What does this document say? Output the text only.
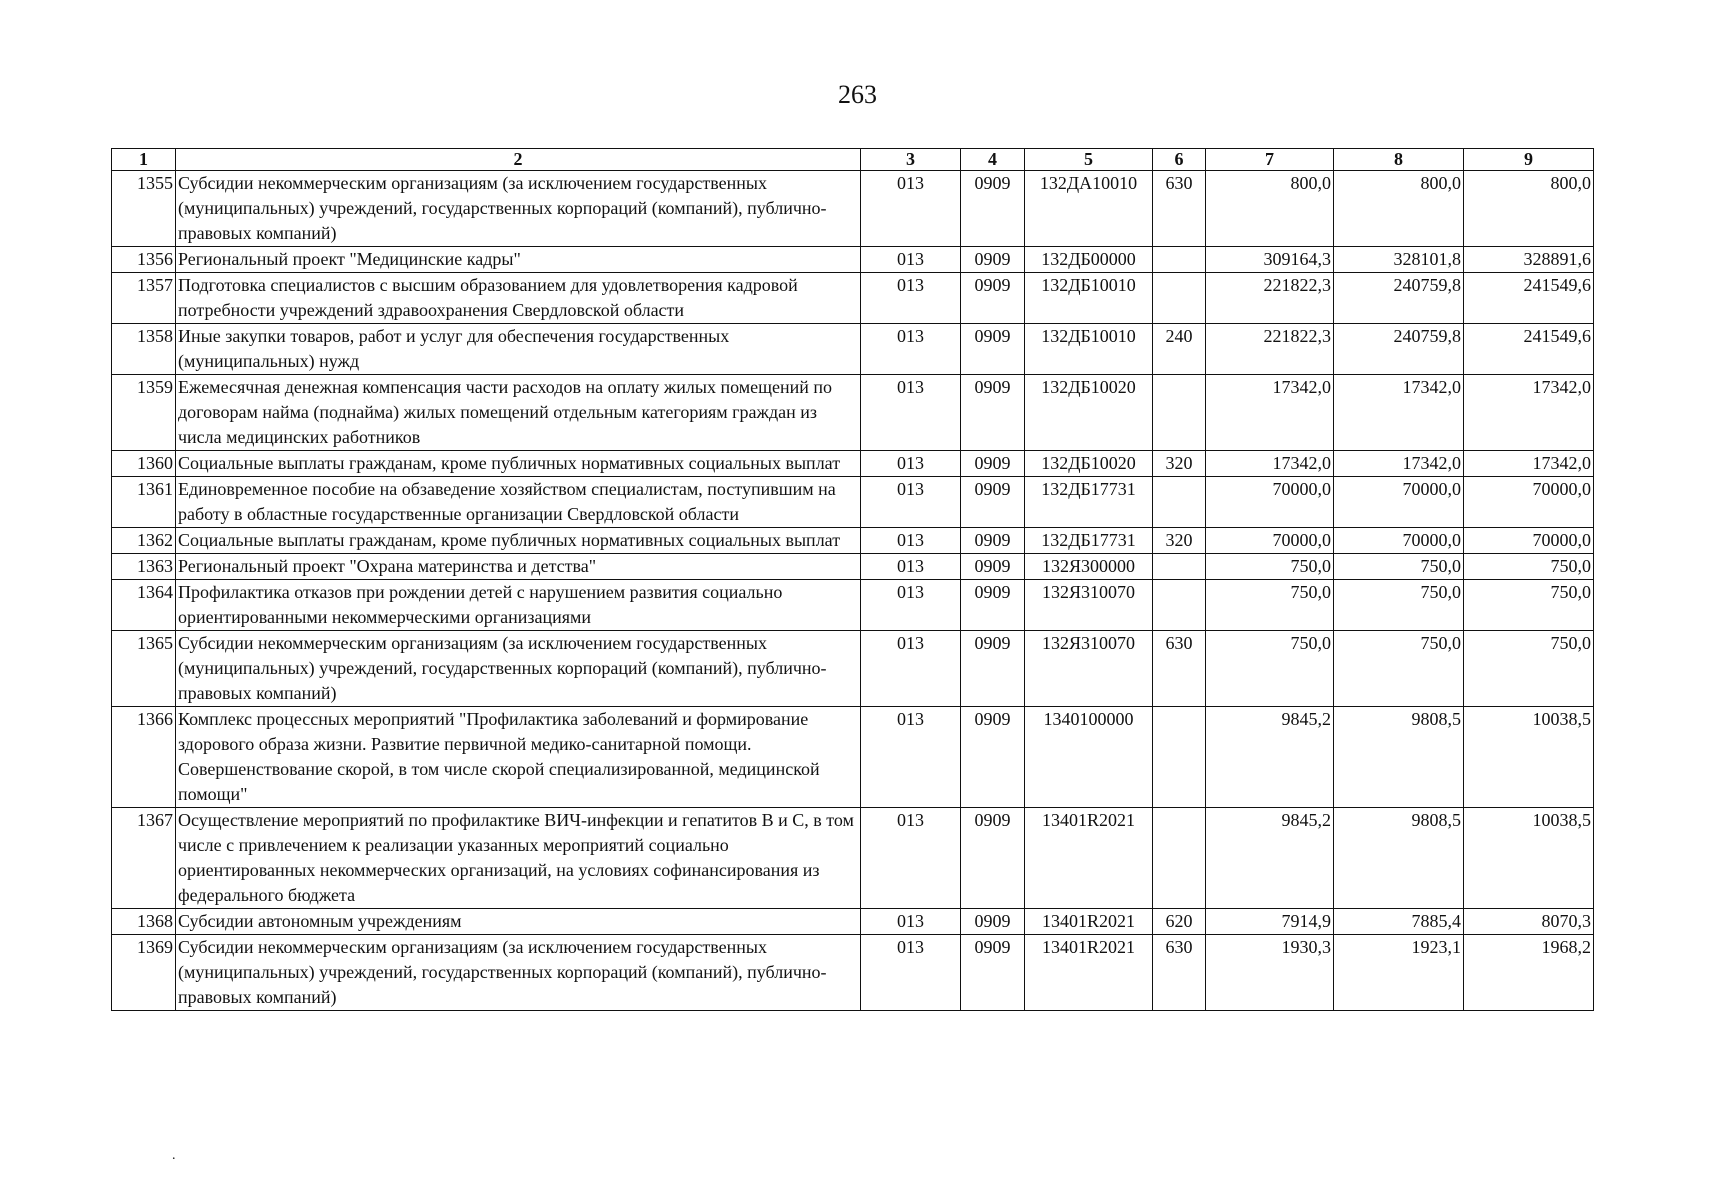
263
1	2	3	4	5	6	7	8	9
1355	Субсидии некоммерческим организациям (за исключением государственных (муниципальных) учреждений, государственных корпораций (компаний), публично-правовых компаний)	013	0909	132ДА10010	630	800,0	800,0	800,0
1356	Региональный проект "Медицинские кадры"	013	0909	132ДБ00000		309164,3	328101,8	328891,6
1357	Подготовка специалистов с высшим образованием для удовлетворения кадровой потребности учреждений здравоохранения Свердловской области	013	0909	132ДБ10010		221822,3	240759,8	241549,6
1358	Иные закупки товаров, работ и услуг для обеспечения государственных (муниципальных) нужд	013	0909	132ДБ10010	240	221822,3	240759,8	241549,6
1359	Ежемесячная денежная компенсация части расходов на оплату жилых помещений по договорам найма (поднайма) жилых помещений отдельным категориям граждан из числа медицинских работников	013	0909	132ДБ10020		17342,0	17342,0	17342,0
1360	Социальные выплаты гражданам, кроме публичных нормативных социальных выплат	013	0909	132ДБ10020	320	17342,0	17342,0	17342,0
1361	Единовременное пособие на обзаведение хозяйством специалистам, поступившим на работу в областные государственные организации Свердловской области	013	0909	132ДБ17731		70000,0	70000,0	70000,0
1362	Социальные выплаты гражданам, кроме публичных нормативных социальных выплат	013	0909	132ДБ17731	320	70000,0	70000,0	70000,0
1363	Региональный проект "Охрана материнства и детства"	013	0909	132Я300000		750,0	750,0	750,0
1364	Профилактика отказов при рождении детей с нарушением развития социально ориентированными некоммерческими организациями	013	0909	132Я310070		750,0	750,0	750,0
1365	Субсидии некоммерческим организациям (за исключением государственных (муниципальных) учреждений, государственных корпораций (компаний), публично-правовых компаний)	013	0909	132Я310070	630	750,0	750,0	750,0
1366	Комплекс процессных мероприятий "Профилактика заболеваний и формирование здорового образа жизни. Развитие первичной медико-санитарной помощи. Совершенствование скорой, в том числе скорой специализированной, медицинской помощи"	013	0909	1340100000		9845,2	9808,5	10038,5
1367	Осуществление мероприятий по профилактике ВИЧ-инфекции и гепатитов В и С, в том числе с привлечением к реализации указанных мероприятий социально ориентированных некоммерческих организаций, на условиях софинансирования из федерального бюджета	013	0909	13401R2021		9845,2	9808,5	10038,5
1368	Субсидии автономным учреждениям	013	0909	13401R2021	620	7914,9	7885,4	8070,3
1369	Субсидии некоммерческим организациям (за исключением государственных (муниципальных) учреждений, государственных корпораций (компаний), публично-правовых компаний)	013	0909	13401R2021	630	1930,3	1923,1	1968,2
.
